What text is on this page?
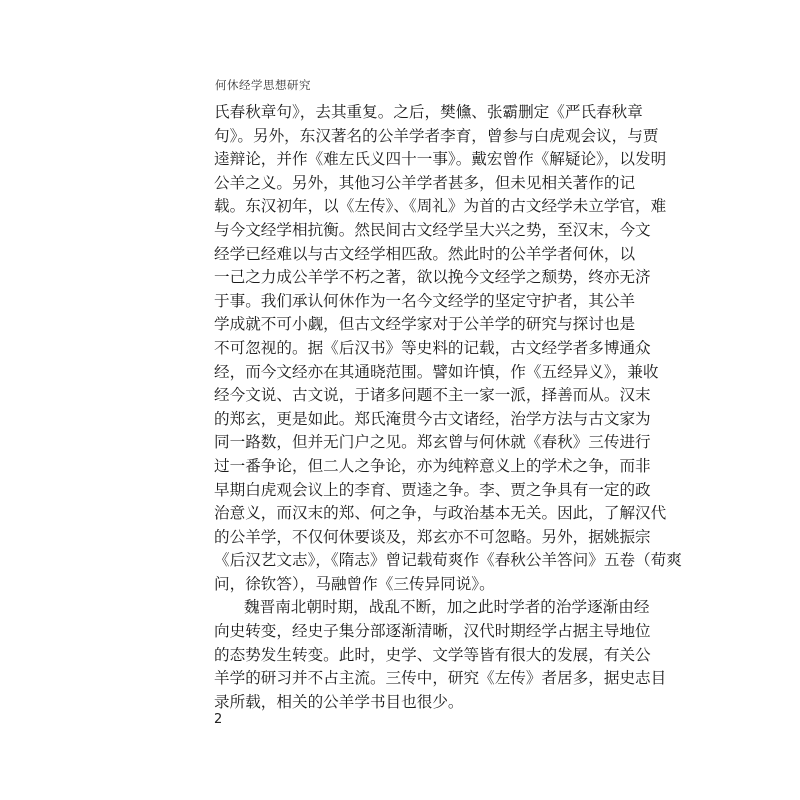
何休经学思想研究
氏春秋章句》，去其重复。之后，樊儵、张霸删定《严氏春秋章
句》。另外，东汉著名的公羊学者李育，曾参与白虎观会议，与贾
逵辩论，并作《难左氏义四十一事》。戴宏曾作《解疑论》，以发明
公羊之义。另外，其他习公羊学者甚多，但未见相关著作的记
载。东汉初年，以《左传》、《周礼》为首的古文经学未立学官，难
与今文经学相抗衡。然民间古文经学呈大兴之势，至汉末，今文
经学已经难以与古文经学相匹敌。然此时的公羊学者何休，以
一己之力成公羊学不朽之著，欲以挽今文经学之颓势，终亦无济
于事。我们承认何休作为一名今文经学的坚定守护者，其公羊
学成就不可小觑，但古文经学家对于公羊学的研究与探讨也是
不可忽视的。据《后汉书》等史料的记载，古文经学者多博通众
经，而今文经亦在其通晓范围。譬如许慎，作《五经异义》，兼收
经今文说、古文说，于诸多问题不主一家一派，择善而从。汉末
的郑玄，更是如此。郑氏淹贯今古文诸经，治学方法与古文家为
同一路数，但并无门户之见。郑玄曾与何休就《春秋》三传进行
过一番争论，但二人之争论，亦为纯粹意义上的学术之争，而非
早期白虎观会议上的李育、贾逵之争。李、贾之争具有一定的政
治意义，而汉末的郑、何之争，与政治基本无关。因此，了解汉代
的公羊学，不仅何休要谈及，郑玄亦不可忽略。另外，据姚振宗
《后汉艺文志》，《隋志》曾记载荀爽作《春秋公羊答问》五卷（荀爽
问，徐钦答），马融曾作《三传异同说》。
魏晋南北朝时期，战乱不断，加之此时学者的治学逐渐由经
向史转变，经史子集分部逐渐清晰，汉代时期经学占据主导地位
的态势发生转变。此时，史学、文学等皆有很大的发展，有关公
羊学的研习并不占主流。三传中，研究《左传》者居多，据史志目
录所载，相关的公羊学书目也很少。
2
